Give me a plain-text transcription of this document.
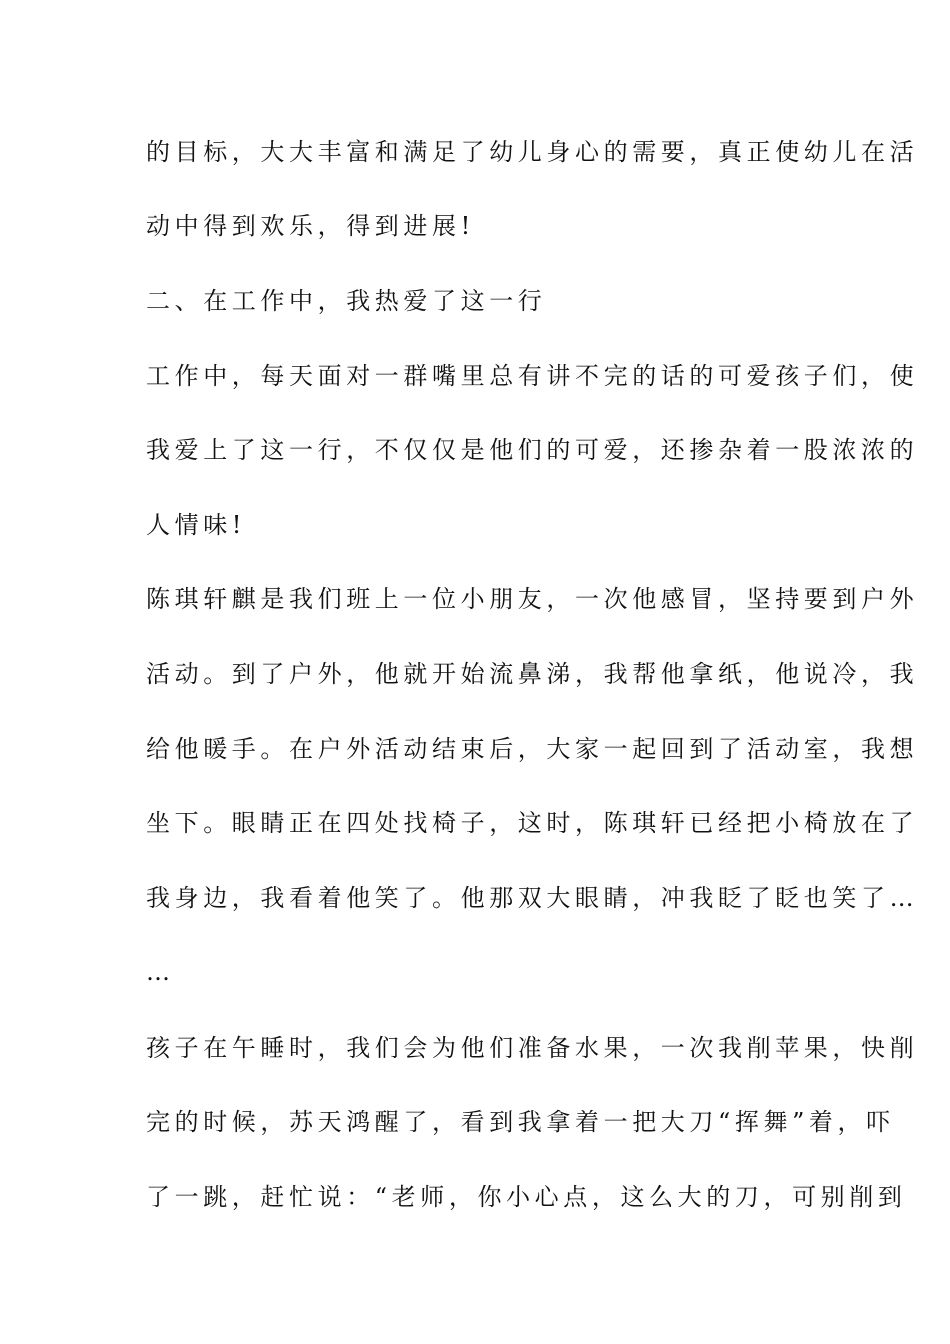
的目标，大大丰富和满足了幼儿身心的需要，真正使幼儿在活
动中得到欢乐，得到进展!
二、在工作中，我热爱了这一行
工作中，每天面对一群嘴里总有讲不完的话的可爱孩子们，使
我爱上了这一行，不仅仅是他们的可爱，还掺杂着一股浓浓的
人情味!
陈琪轩麒是我们班上一位小朋友，一次他感冒，坚持要到户外
活动。到了户外，他就开始流鼻涕，我帮他拿纸，他说冷，我
给他暖手。在户外活动结束后，大家一起回到了活动室，我想
坐下。眼睛正在四处找椅子，这时，陈琪轩已经把小椅放在了
我身边，我看着他笑了。他那双大眼睛，冲我眨了眨也笑了…
…
孩子在午睡时，我们会为他们准备水果，一次我削苹果，快削
完的时候，苏天鸿醒了，看到我拿着一把大刀“挥舞”着，吓
了一跳，赶忙说：“老师，你小心点，这么大的刀，可别削到
